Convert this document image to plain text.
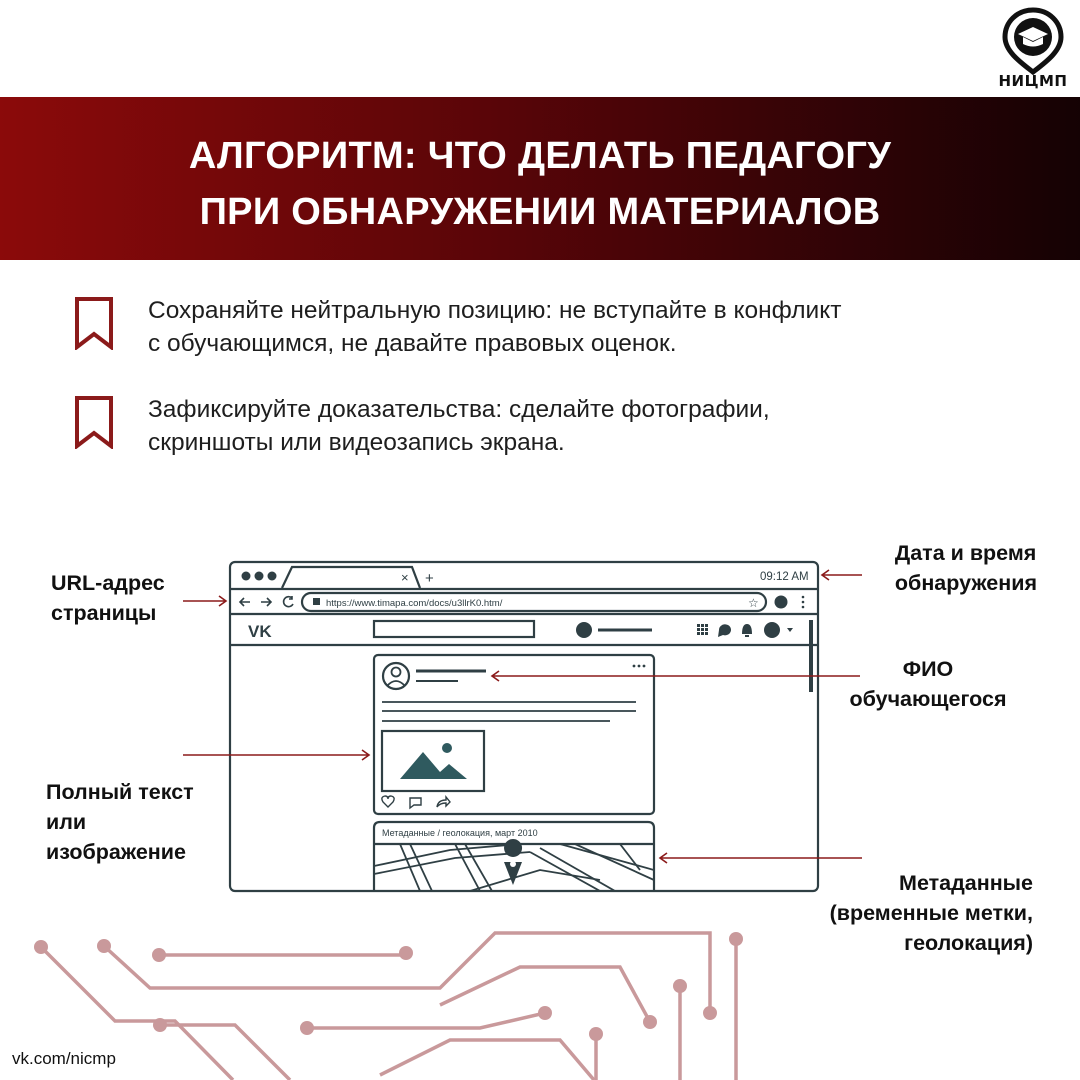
НИЦМП
АЛГОРИТМ: ЧТО ДЕЛАТЬ ПЕДАГОГУ
ПРИ ОБНАРУЖЕНИИ МАТЕРИАЛОВ
Сохраняйте нейтральную позицию: не вступайте в конфликт
с обучающимся, не давайте правовых оценок.
Зафиксируйте доказательства: сделайте фотографии,
скриншоты или видеозапись экрана.
× +	09:12 AM
https://www.timapa.com/docs/u3llrK0.htm/	☆
VK
Метаданные / геолокация, март 2010
URL-адрес
страницы
Дата и время
обнаружения
ФИО
обучающегося
Полный текст
или
изображение
Метаданные
(временные метки,
геолокация)
vk.com/nicmp
